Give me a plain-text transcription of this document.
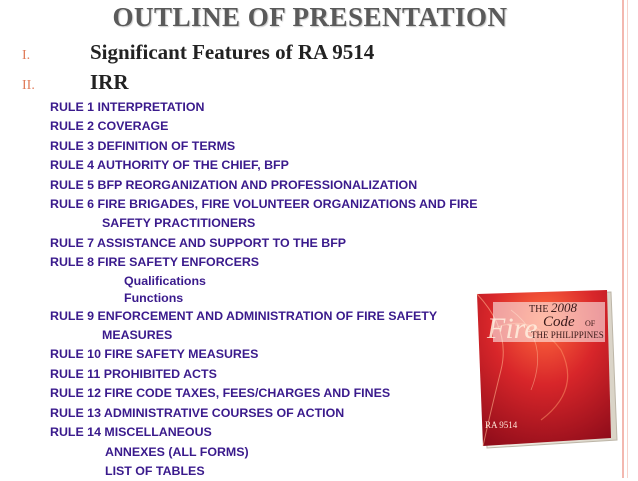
OUTLINE OF PRESENTATION
I.	Significant Features of RA 9514
II.	IRR
RULE 1 INTERPRETATION
RULE 2 COVERAGE
RULE 3 DEFINITION OF TERMS
RULE 4 AUTHORITY OF THE CHIEF, BFP
RULE 5 BFP REORGANIZATION AND PROFESSIONALIZATION
RULE 6 FIRE BRIGADES, FIRE VOLUNTEER ORGANIZATIONS AND FIRE
SAFETY PRACTITIONERS
RULE 7 ASSISTANCE AND SUPPORT TO THE BFP
RULE 8 FIRE SAFETY ENFORCERS
Qualifications
Functions
RULE 9 ENFORCEMENT AND ADMINISTRATION OF FIRE SAFETY
MEASURES
RULE 10 FIRE SAFETY MEASURES
RULE 11 PROHIBITED ACTS
RULE 12 FIRE CODE TAXES, FEES/CHARGES AND FINES
RULE 13 ADMINISTRATIVE COURSES OF ACTION
RULE 14 MISCELLANEOUS
ANNEXES (ALL FORMS)
LIST OF TABLES
THE 2008
Fire Code OF
THE PHILIPPINES
RA 9514
